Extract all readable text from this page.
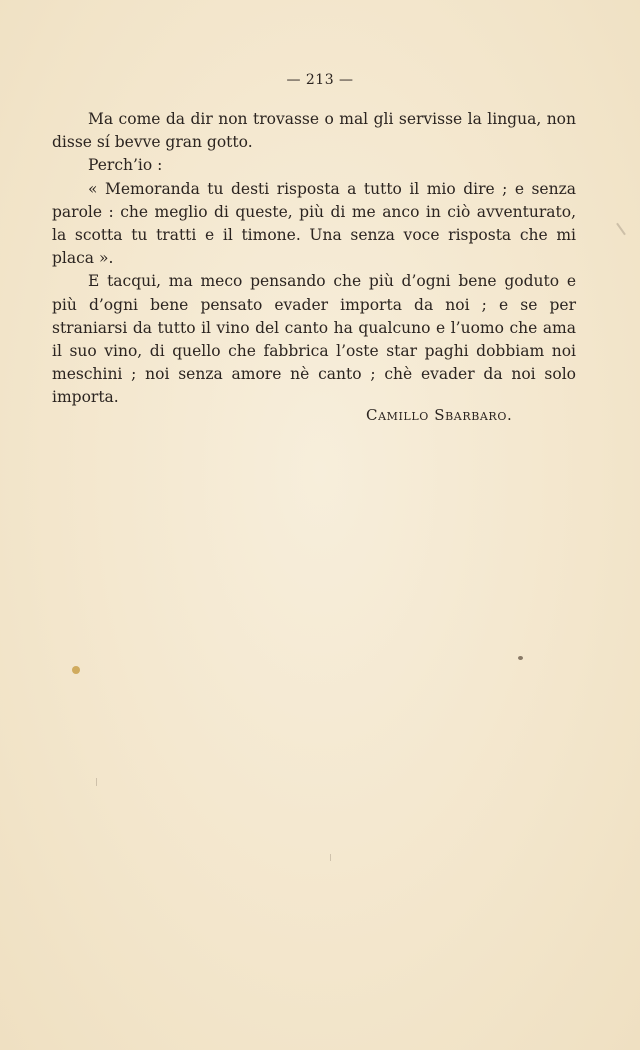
— 213 —

Ma come da dir non trovasse o mal gli servisse la lingua, non disse sí bevve gran gotto.

Perch’io :

« Memoranda tu desti risposta a tutto il mio dire ; e senza parole : che meglio di queste, più di me anco in ciò avventurato, la scotta tu tratti e il timone. Una senza voce risposta che mi placa ».

E tacqui, ma meco pensando che più d’ogni bene goduto e più d’ogni bene pensato evader importa da noi ; e se per straniarsi da tutto il vino del canto ha qualcuno e l’uomo che ama il suo vino, di quello che fabbrica l’oste star paghi dobbiam noi meschini ; noi senza amore nè canto ; chè evader da noi solo importa.

Camillo Sbarbaro.
